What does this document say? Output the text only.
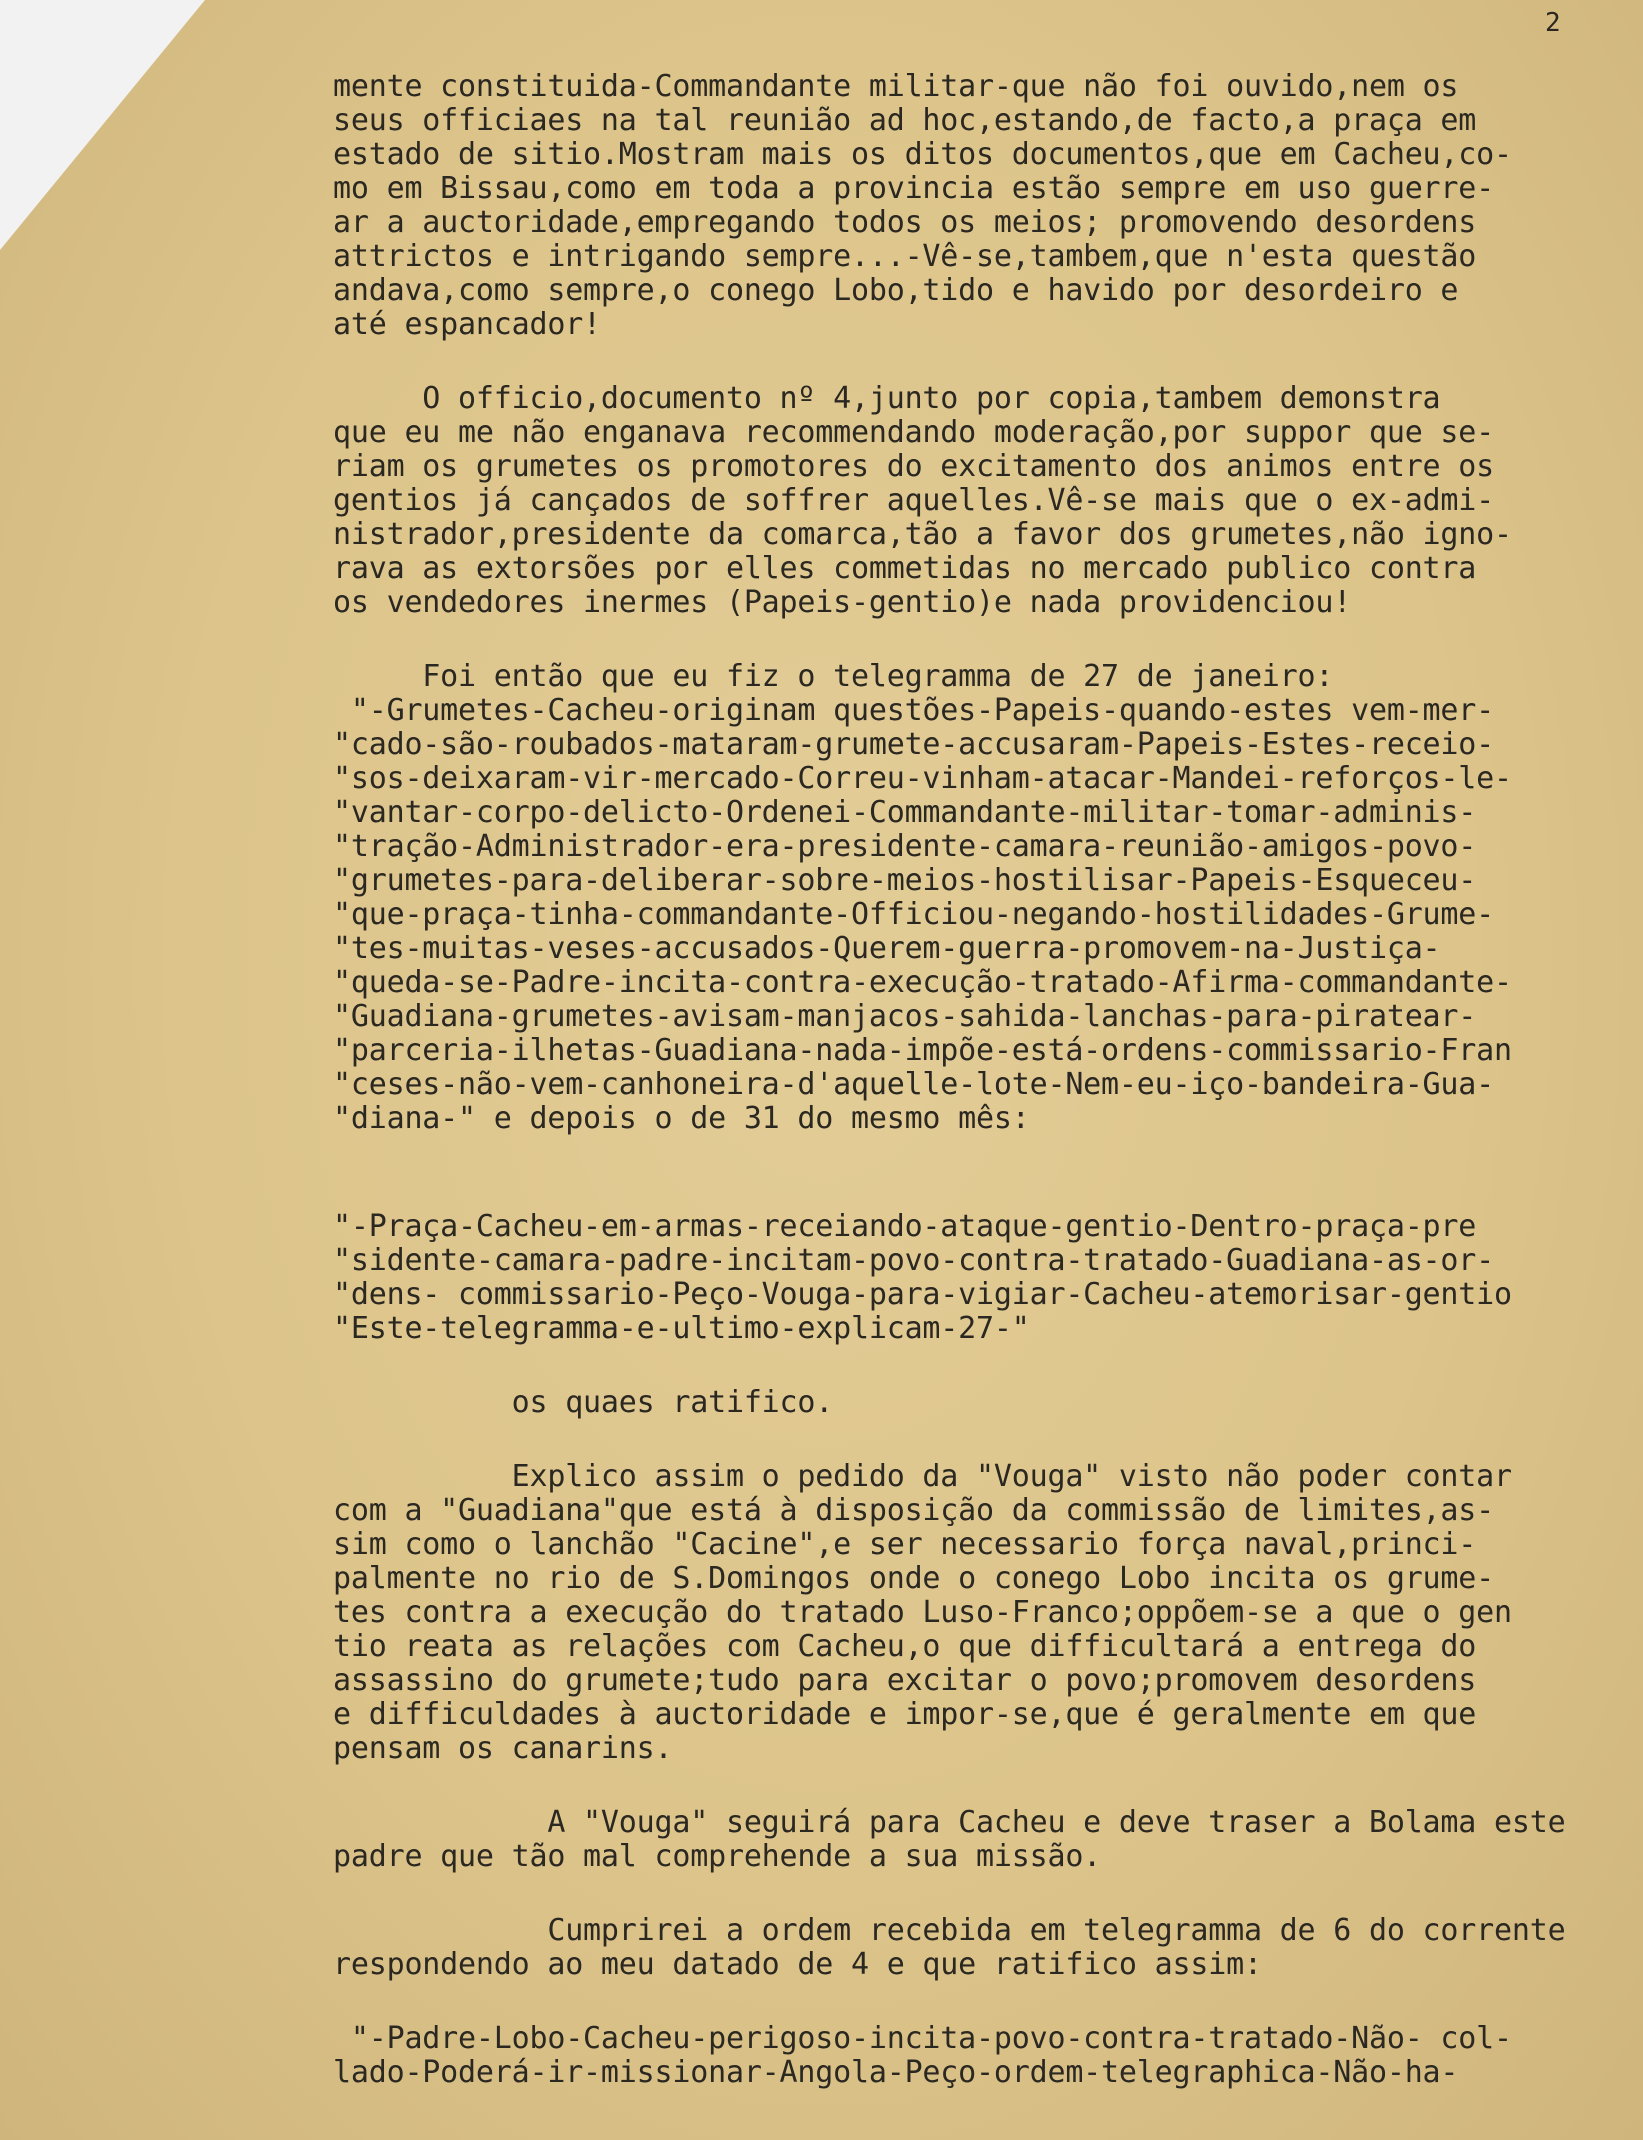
2
mente constituida-Commandante militar-que não foi ouvido,nem os
seus officiaes na tal reunião ad hoc,estando,de facto,a praça em
estado de sitio.Mostram mais os ditos documentos,que em Cacheu,co-
mo em Bissau,como em toda a provincia estão sempre em uso guerre-
ar a auctoridade,empregando todos os meios; promovendo desordens
attrictos e intrigando sempre...-Vê-se,tambem,que n'esta questão
andava,como sempre,o conego Lobo,tido e havido por desordeiro e
até espancador!
O officio,documento nº 4,junto por copia,tambem demonstra
que eu me não enganava recommendando moderação,por suppor que se-
riam os grumetes os promotores do excitamento dos animos entre os
gentios já cançados de soffrer aquelles.Vê-se mais que o ex-admi-
nistrador,presidente da comarca,tão a favor dos grumetes,não igno-
rava as extorsões por elles commetidas no mercado publico contra
os vendedores inermes (Papeis-gentio)e nada providenciou!
Foi então que eu fiz o telegramma de 27 de janeiro:
"-Grumetes-Cacheu-originam questões-Papeis-quando-estes vem-mer-
"cado-são-roubados-mataram-grumete-accusaram-Papeis-Estes-receio-
"sos-deixaram-vir-mercado-Correu-vinham-atacar-Mandei-reforços-le-
"vantar-corpo-delicto-Ordenei-Commandante-militar-tomar-adminis-
"tração-Administrador-era-presidente-camara-reunião-amigos-povo-
"grumetes-para-deliberar-sobre-meios-hostilisar-Papeis-Esqueceu-
"que-praça-tinha-commandante-Officiou-negando-hostilidades-Grume-
"tes-muitas-veses-accusados-Querem-guerra-promovem-na-Justiça-
"queda-se-Padre-incita-contra-execução-tratado-Afirma-commandante-
"Guadiana-grumetes-avisam-manjacos-sahida-lanchas-para-piratear-
"parceria-ilhetas-Guadiana-nada-impõe-está-ordens-commissario-Fran
"ceses-não-vem-canhoneira-d'aquelle-lote-Nem-eu-iço-bandeira-Gua-
"diana-" e depois o de 31 do mesmo mês:
"-Praça-Cacheu-em-armas-receiando-ataque-gentio-Dentro-praça-pre
"sidente-camara-padre-incitam-povo-contra-tratado-Guadiana-as-or-
"dens- commissario-Peço-Vouga-para-vigiar-Cacheu-atemorisar-gentio
"Este-telegramma-e-ultimo-explicam-27-"
os quaes ratifico.
Explico assim o pedido da "Vouga" visto não poder contar
com a "Guadiana"que está à disposição da commissão de limites,as-
sim como o lanchão "Cacine",e ser necessario força naval,princi-
palmente no rio de S.Domingos onde o conego Lobo incita os grume-
tes contra a execução do tratado Luso-Franco;oppõem-se a que o gen
tio reata as relações com Cacheu,o que difficultará a entrega do
assassino do grumete;tudo para excitar o povo;promovem desordens
e difficuldades à auctoridade e impor-se,que é geralmente em que
pensam os canarins.
A "Vouga" seguirá para Cacheu e deve traser a Bolama este
padre que tão mal comprehende a sua missão.
Cumprirei a ordem recebida em telegramma de 6 do corrente
respondendo ao meu datado de 4 e que ratifico assim:
"-Padre-Lobo-Cacheu-perigoso-incita-povo-contra-tratado-Não- col-
lado-Poderá-ir-missionar-Angola-Peço-ordem-telegraphica-Não-ha-
